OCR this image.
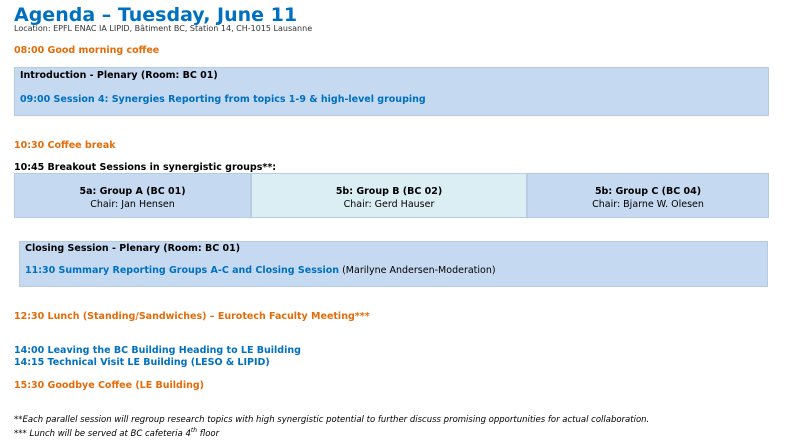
Agenda – Tuesday, June 11
Location: EPFL ENAC IA LIPID, Bâtiment BC, Station 14, CH-1015 Lausanne
08:00 Good morning coffee
Introduction - Plenary (Room: BC 01)
09:00 Session 4: Synergies Reporting from topics 1-9 & high-level grouping
10:30 Coffee break
10:45 Breakout Sessions in synergistic groups**:
5a: Group A (BC 01)
Chair: Jan Hensen
5b: Group B (BC 02)
Chair: Gerd Hauser
5b: Group C (BC 04)
Chair: Bjarne W. Olesen
Closing Session - Plenary (Room: BC 01)
11:30 Summary Reporting Groups A-C and Closing Session (Marilyne Andersen-Moderation)
12:30 Lunch (Standing/Sandwiches) – Eurotech Faculty Meeting***
14:00 Leaving the BC Building Heading to LE Building
14:15 Technical Visit LE Building (LESO & LIPID)
15:30 Goodbye Coffee (LE Building)
**Each parallel session will regroup research topics with high synergistic potential to further discuss promising opportunities for actual collaboration.
*** Lunch will be served at BC cafeteria 4th floor
